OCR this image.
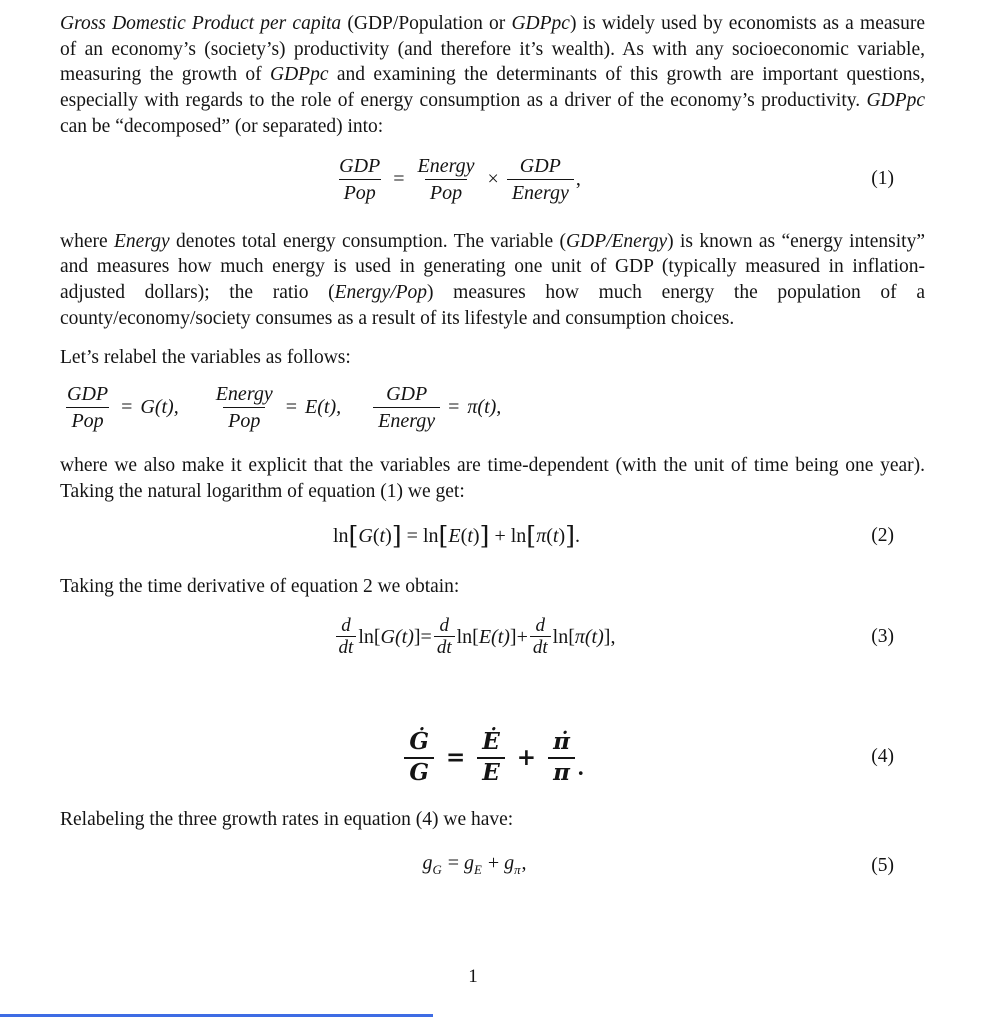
Gross Domestic Product per capita (GDP/Population or GDPpc) is widely used by economists as a measure of an economy’s (society’s) productivity (and therefore it’s wealth). As with any socioeconomic variable, measuring the growth of GDPpc and examining the determinants of this growth are important questions, especially with regards to the role of energy consumption as a driver of the economy’s productivity. GDPpc can be “decomposed” (or separated) into:

$\frac{\text{GDP}}{\text{Pop}} = \frac{\text{Energy}}{\text{Pop}} \times \frac{\text{GDP}}{\text{Energy}}$ ,	(1)

where Energy denotes total energy consumption. The variable (GDP/Energy) is known as “energy intensity” and measures how much energy is used in generating one unit of GDP (typically measured in inflation-adjusted dollars); the ratio (Energy/Pop) measures how much energy the population of a county/economy/society consumes as a result of its lifestyle and consumption choices.

Let’s relabel the variables as follows:

$\frac{\text{GDP}}{\text{Pop}} = G(t)$, $\frac{\text{Energy}}{\text{Pop}} = E(t)$, $\frac{\text{GDP}}{\text{Energy}} = \pi(t)$,

where we also make it explicit that the variables are time-dependent (with the unit of time being one year). Taking the natural logarithm of equation (1) we get:

ln[G(t)] = ln[E(t)] + ln[π(t)].	(2)

Taking the time derivative of equation 2 we obtain:

$\frac{d}{dt} \ln$[ G(t) ]= $\frac{d}{dt} \ln$[ E(t) ]+ $\frac{d}{dt} \ln$[ π(t) ],	(3)
$\frac{Ġ}{G} = \frac{Ė}{E} + \frac{\pi̇}{\pi}$ .	(4)

Relabeling the three growth rates in equation (4) we have:

$g_G = g_E + g_\pi$,	(5)
1
